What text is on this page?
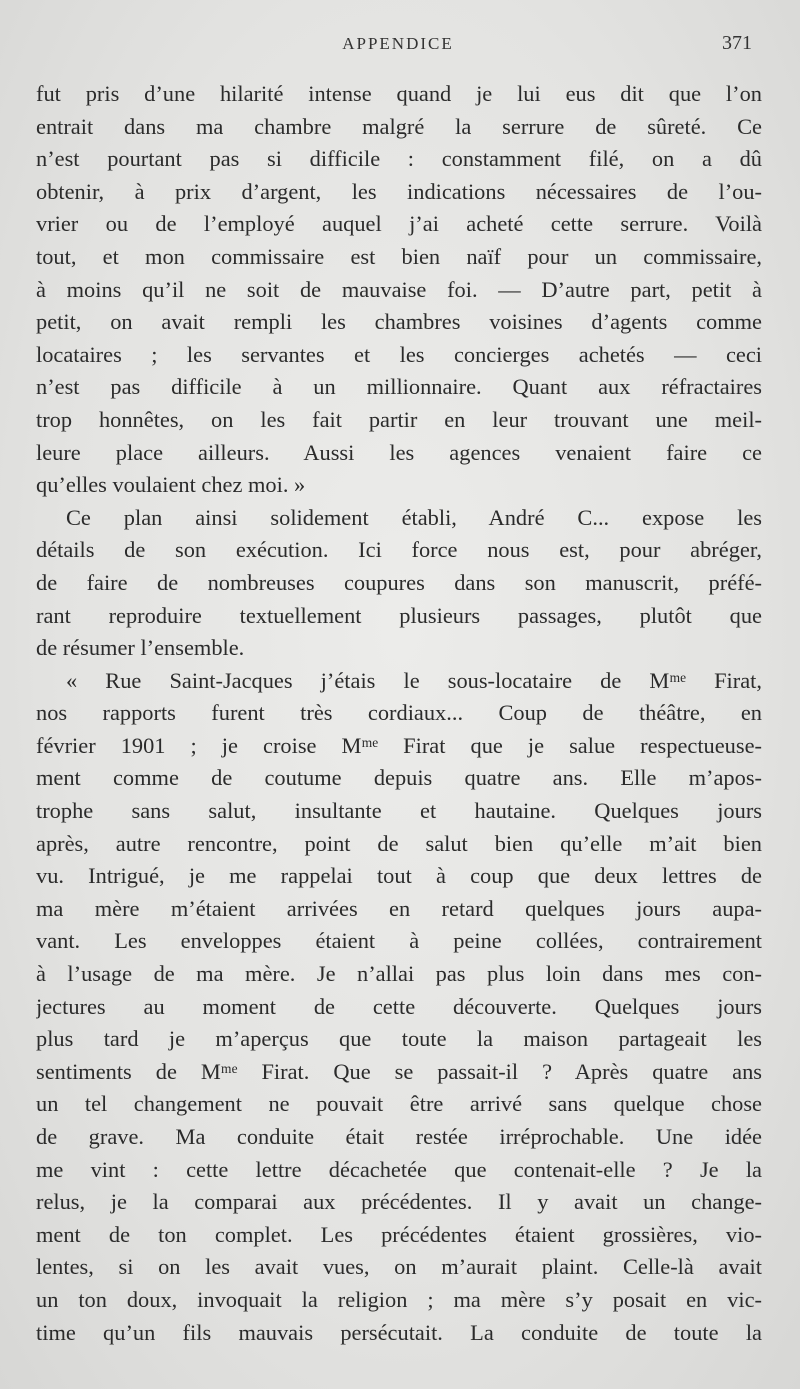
APPENDICE	371
fut pris d’une hilarité intense quand je lui eus dit que l’on
entrait dans ma chambre malgré la serrure de sûreté. Ce
n’est pourtant pas si difficile : constamment filé, on a dû
obtenir, à prix d’argent, les indications nécessaires de l’ou-
vrier ou de l’employé auquel j’ai acheté cette serrure. Voilà
tout, et mon commissaire est bien naïf pour un commissaire,
à moins qu’il ne soit de mauvaise foi. — D’autre part, petit à
petit, on avait rempli les chambres voisines d’agents comme
locataires ; les servantes et les concierges achetés — ceci
n’est pas difficile à un millionnaire. Quant aux réfractaires
trop honnêtes, on les fait partir en leur trouvant une meil-
leure place ailleurs. Aussi les agences venaient faire ce
qu’elles voulaient chez moi. »
Ce plan ainsi solidement établi, André C... expose les
détails de son exécution. Ici force nous est, pour abréger,
de faire de nombreuses coupures dans son manuscrit, préfé-
rant reproduire textuellement plusieurs passages, plutôt que
de résumer l’ensemble.
« Rue Saint-Jacques j’étais le sous-locataire de Mᵐᵉ Firat,
nos rapports furent très cordiaux... Coup de théâtre, en
février 1901 ; je croise Mᵐᵉ Firat que je salue respectueuse-
ment comme de coutume depuis quatre ans. Elle m’apos-
trophe sans salut, insultante et hautaine. Quelques jours
après, autre rencontre, point de salut bien qu’elle m’ait bien
vu. Intrigué, je me rappelai tout à coup que deux lettres de
ma mère m’étaient arrivées en retard quelques jours aupa-
vant. Les enveloppes étaient à peine collées, contrairement
à l’usage de ma mère. Je n’allai pas plus loin dans mes con-
jectures au moment de cette découverte. Quelques jours
plus tard je m’aperçus que toute la maison partageait les
sentiments de Mᵐᵉ Firat. Que se passait-il ? Après quatre ans
un tel changement ne pouvait être arrivé sans quelque chose
de grave. Ma conduite était restée irréprochable. Une idée
me vint : cette lettre décachetée que contenait-elle ? Je la
relus, je la comparai aux précédentes. Il y avait un change-
ment de ton complet. Les précédentes étaient grossières, vio-
lentes, si on les avait vues, on m’aurait plaint. Celle-là avait
un ton doux, invoquait la religion ; ma mère s’y posait en vic-
time qu’un fils mauvais persécutait. La conduite de toute la
